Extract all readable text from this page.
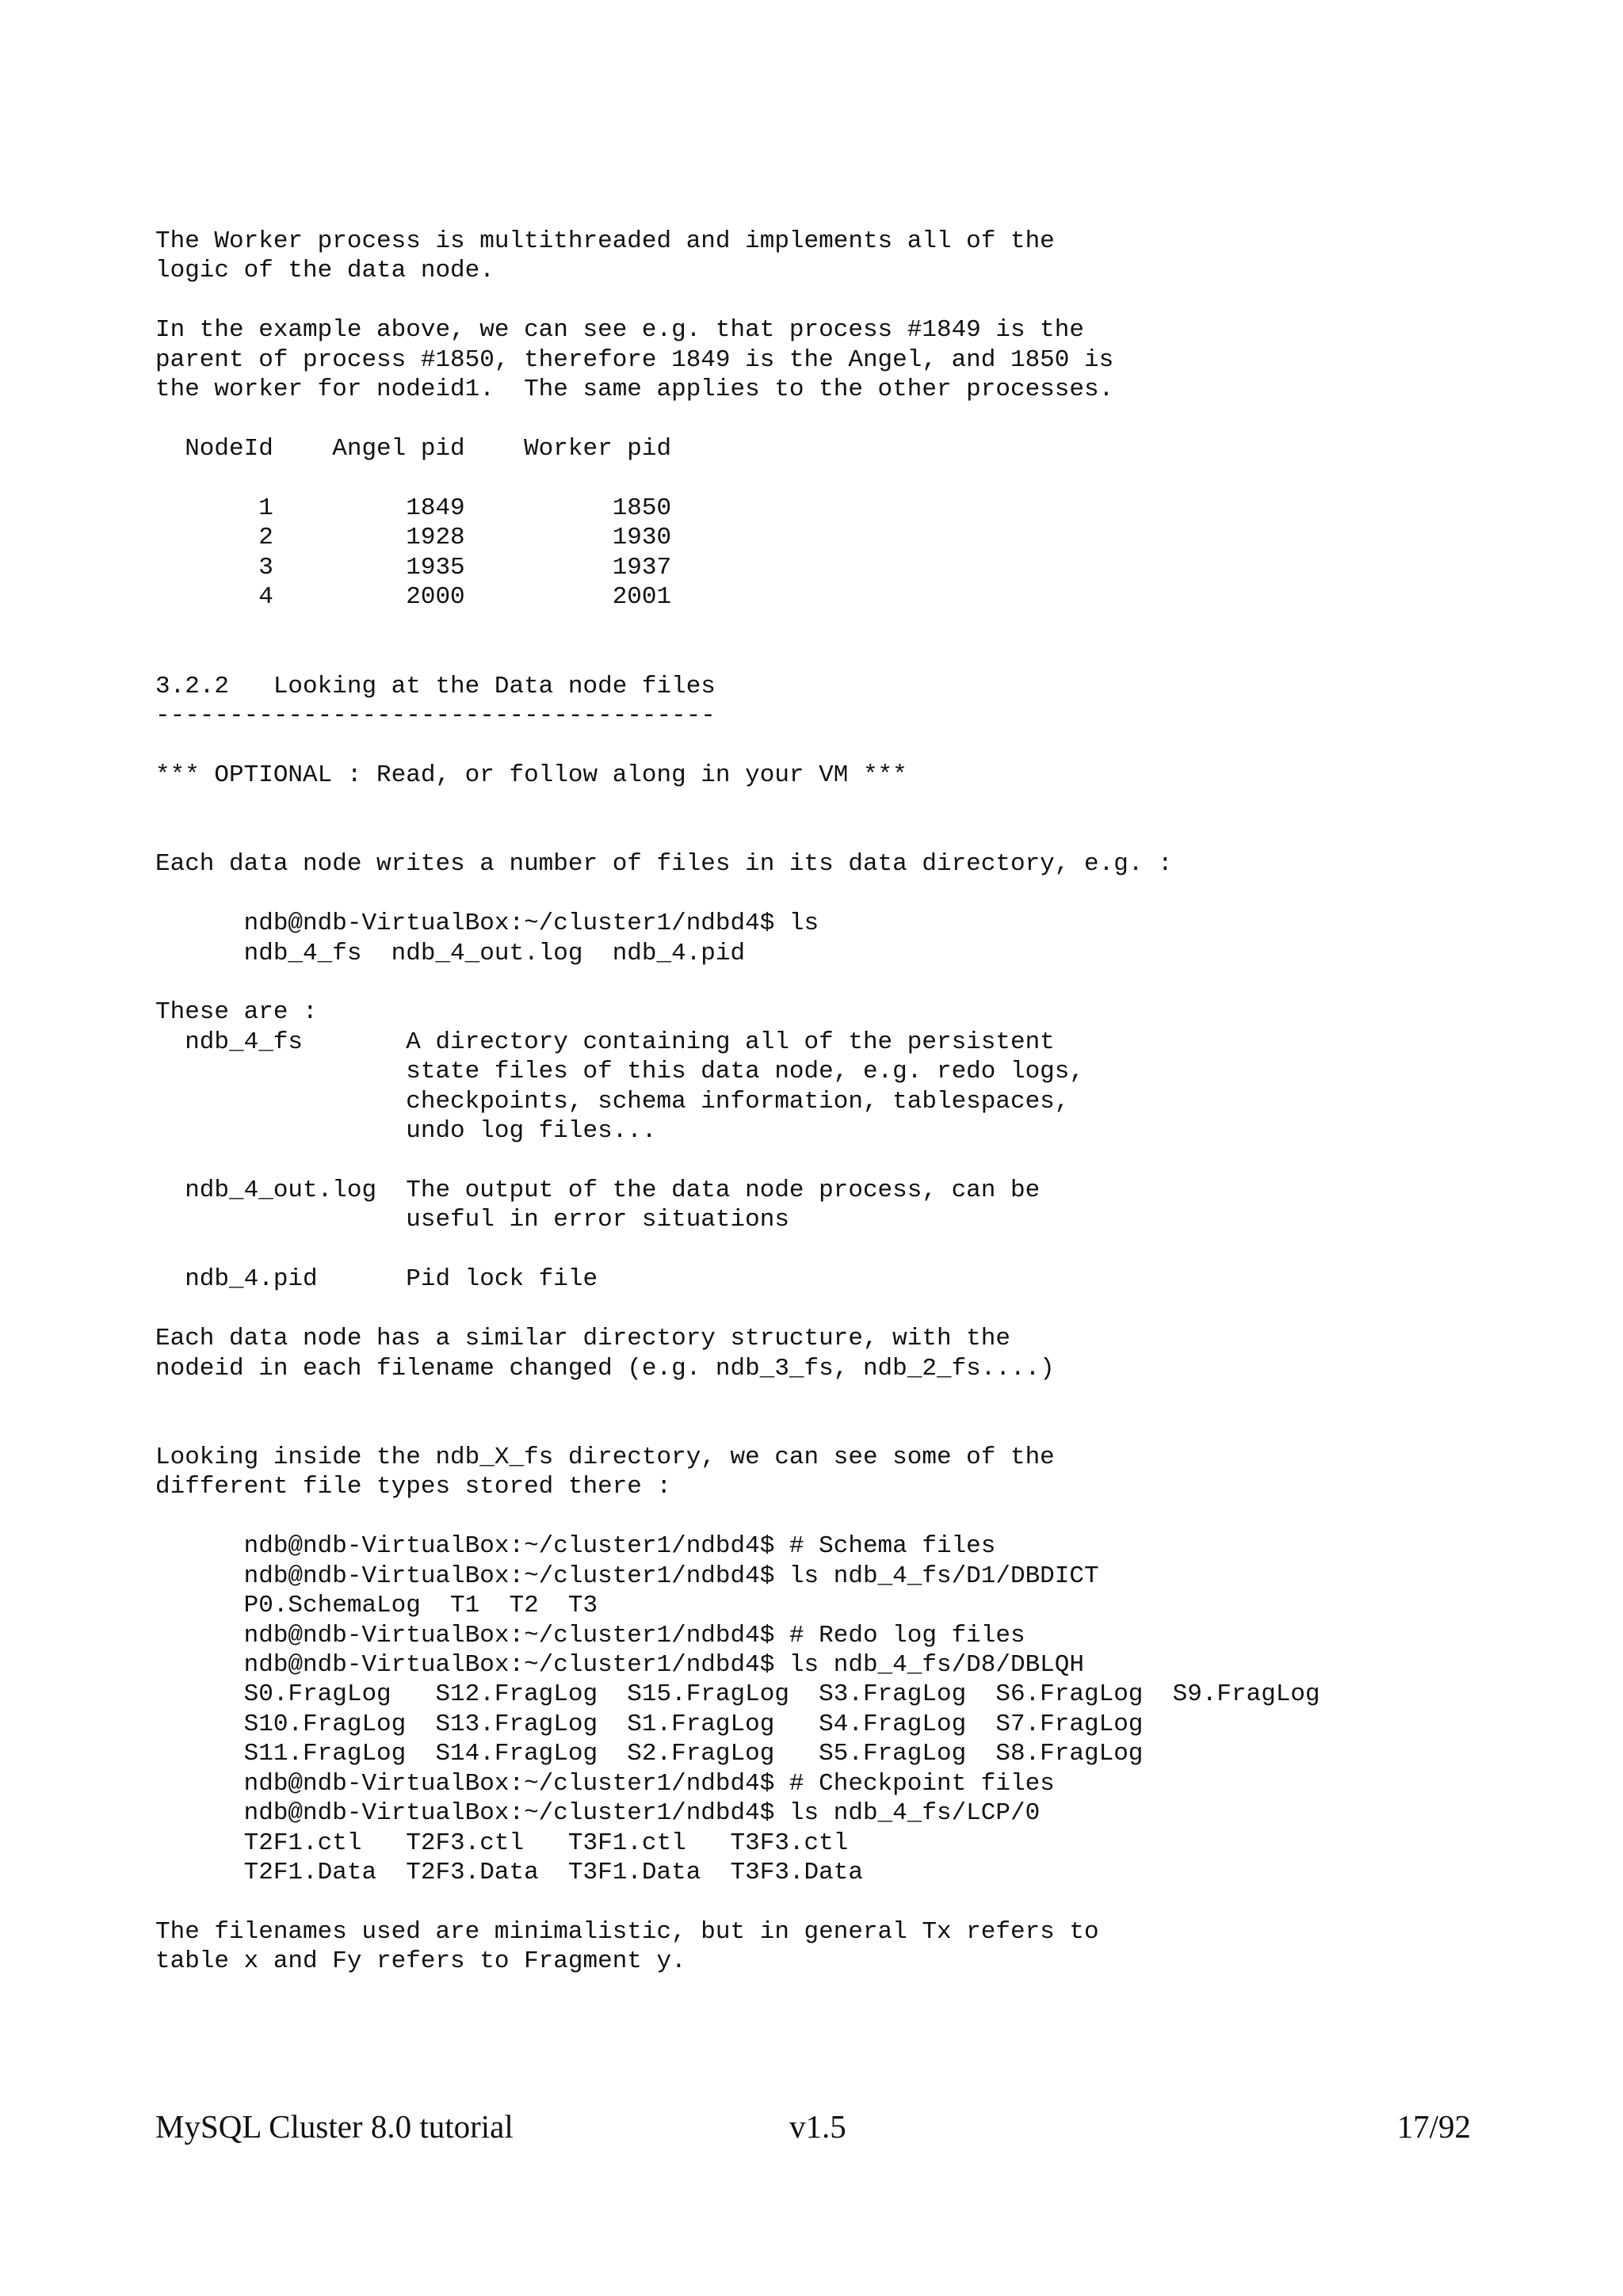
The Worker process is multithreaded and implements all of the
logic of the data node.
In the example above, we can see e.g. that process #1849 is the
parent of process #1850, therefore 1849 is the Angel, and 1850 is
the worker for nodeid1.  The same applies to the other processes.
NodeId    Angel pid    Worker pid
1         1849          1850
2         1928          1930
3         1935          1937
4         2000          2001
3.2.2   Looking at the Data node files
--------------------------------------
*** OPTIONAL : Read, or follow along in your VM ***
Each data node writes a number of files in its data directory, e.g. :
ndb@ndb-VirtualBox:~/cluster1/ndbd4$ ls
ndb_4_fs  ndb_4_out.log  ndb_4.pid
These are :
ndb_4_fs       A directory containing all of the persistent
state files of this data node, e.g. redo logs,
checkpoints, schema information, tablespaces,
undo log files...
ndb_4_out.log  The output of the data node process, can be
useful in error situations
ndb_4.pid      Pid lock file
Each data node has a similar directory structure, with the
nodeid in each filename changed (e.g. ndb_3_fs, ndb_2_fs....)
Looking inside the ndb_X_fs directory, we can see some of the
different file types stored there :
ndb@ndb-VirtualBox:~/cluster1/ndbd4$ # Schema files
ndb@ndb-VirtualBox:~/cluster1/ndbd4$ ls ndb_4_fs/D1/DBDICT
P0.SchemaLog  T1  T2  T3
ndb@ndb-VirtualBox:~/cluster1/ndbd4$ # Redo log files
ndb@ndb-VirtualBox:~/cluster1/ndbd4$ ls ndb_4_fs/D8/DBLQH
S0.FragLog   S12.FragLog  S15.FragLog  S3.FragLog  S6.FragLog  S9.FragLog
S10.FragLog  S13.FragLog  S1.FragLog   S4.FragLog  S7.FragLog
S11.FragLog  S14.FragLog  S2.FragLog   S5.FragLog  S8.FragLog
ndb@ndb-VirtualBox:~/cluster1/ndbd4$ # Checkpoint files
ndb@ndb-VirtualBox:~/cluster1/ndbd4$ ls ndb_4_fs/LCP/0
T2F1.ctl   T2F3.ctl   T3F1.ctl   T3F3.ctl
T2F1.Data  T2F3.Data  T3F1.Data  T3F3.Data
The filenames used are minimalistic, but in general Tx refers to
table x and Fy refers to Fragment y.
MySQL Cluster 8.0 tutorial	v1.5	17/92
